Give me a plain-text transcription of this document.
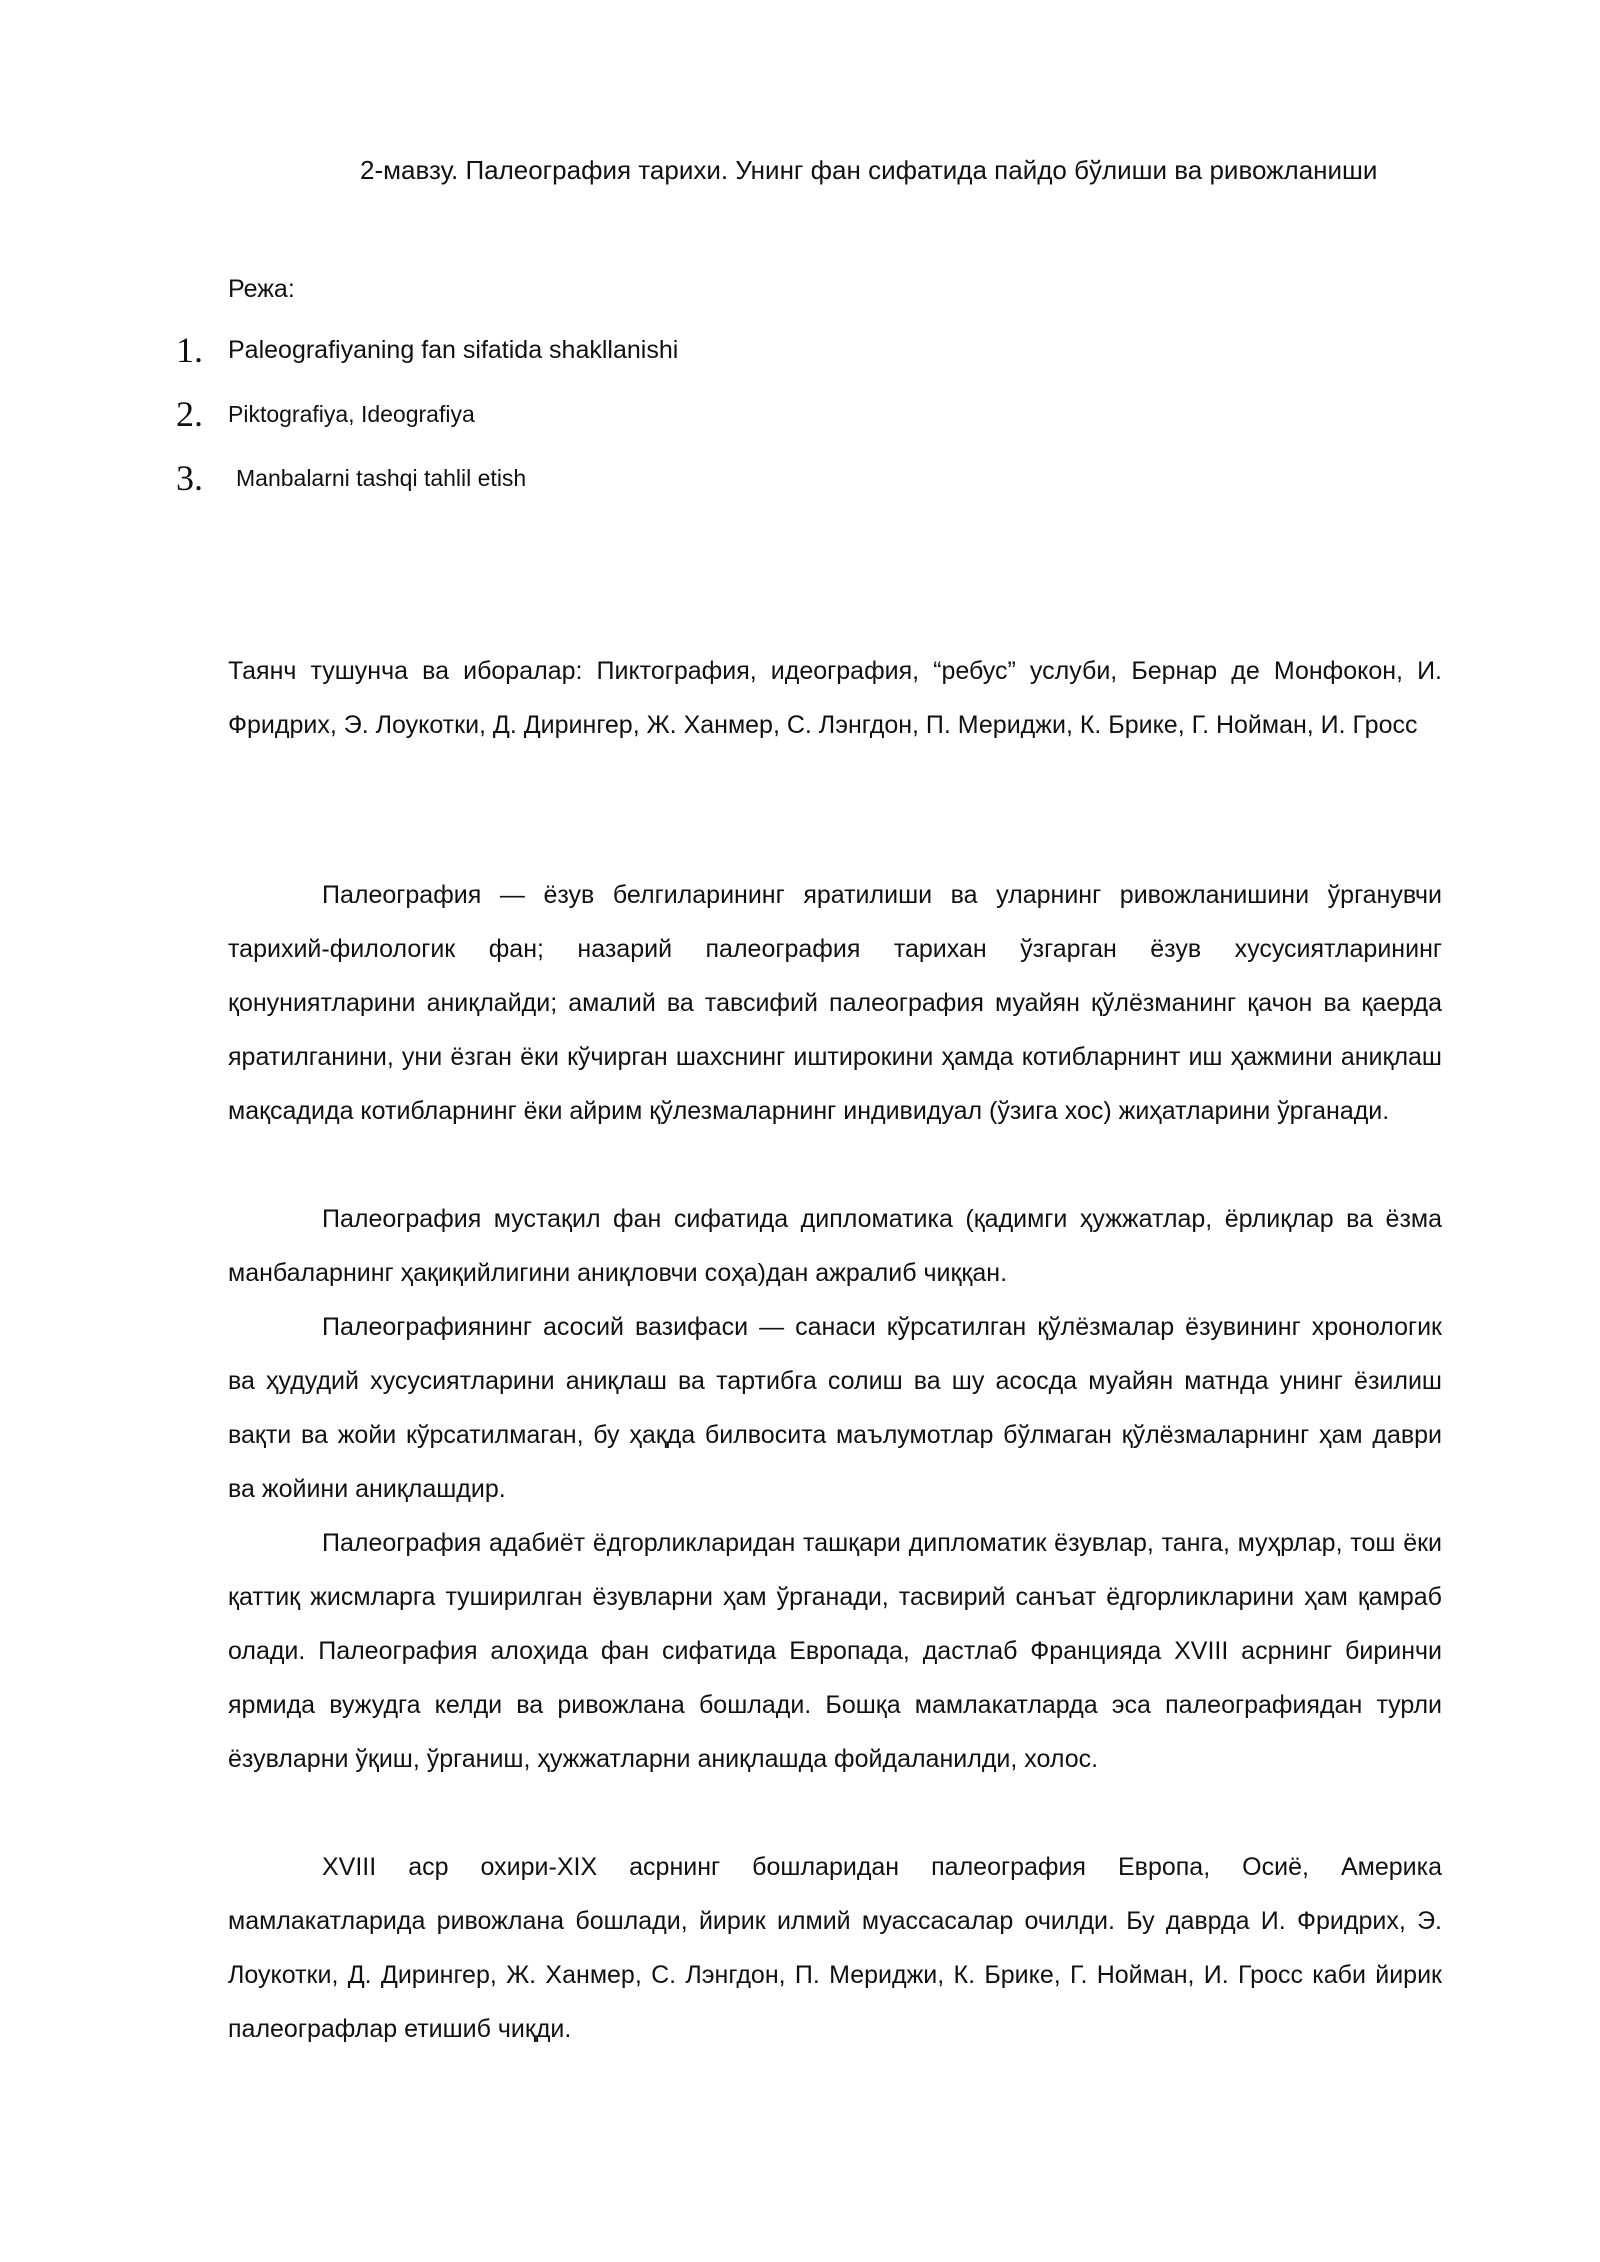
2-мавзу. Палеография тарихи. Унинг фан сифатида пайдо бўлиши ва ривожланиши
Режа:
1. Paleografiyaning fan sifatida shakllanishi
2. Piktografiya, Ideografiya
3. Manbalarni tashqi tahlil etish

Таянч тушунча ва иборалар: Пиктография, идеография, “ребус” услуби, Бернар де Монфокон, И. Фридрих, Э. Лоукотки, Д. Дирингер, Ж. Ханмер, С. Лэнгдон, П. Мериджи, К. Брике, Г. Нойман, И. Гросс

Палеография — ёзув белгиларининг яратилиши ва уларнинг ривожланишини ўрганувчи тарихий-филологик фан; назарий палеография тарихан ўзгарган ёзув хусусиятларининг қонуниятларини аниқлайди; амалий ва тавсифий палеография муайян қўлёзманинг қачон ва қаерда яратилганини, уни ёзган ёки кўчирган шахснинг иштирокини ҳамда котибларнинт иш ҳажмини аниқлаш мақсадида котибларнинг ёки айрим қўлезмаларнинг индивидуал (ўзига хос) жиҳатларини ўрганади.

Палеография мустақил фан сифатида дипломатика (қадимги ҳужжатлар, ёрлиқлар ва ёзма манбаларнинг ҳақиқийлигини аниқловчи соҳа)дан ажралиб чиққан.

Палеографиянинг асосий вазифаси — санаси кўрсатилган қўлёзмалар ёзувининг хронологик ва ҳудудий хусусиятларини аниқлаш ва тартибга солиш ва шу асосда муайян матнда унинг ёзилиш вақти ва жойи кўрсатилмаган, бу ҳақда билвосита маълумотлар бўлмаган қўлёзмаларнинг ҳам даври ва жойини аниқлашдир.

Палеография адабиёт ёдгорликларидан ташқари дипломатик ёзувлар, танга, муҳрлар, тош ёки қаттиқ жисмларга туширилган ёзувларни ҳам ўрганади, тасвирий санъат ёдгорликларини ҳам қамраб олади. Палеография алоҳида фан сифатида Европада, дастлаб Францияда XVIII асрнинг биринчи ярмида вужудга келди ва ривожлана бошлади. Бошқа мамлакатларда эса палеографиядан турли ёзувларни ўқиш, ўрганиш, ҳужжатларни аниқлашда фойдаланилди, холос.

XVIII аср охири-XIX асрнинг бошларидан палеография Европа, Осиё, Америка мамлакатларида ривожлана бошлади, йирик илмий муассасалар очилди. Бу даврда И. Фридрих, Э. Лоукотки, Д. Дирингер, Ж. Ханмер, С. Лэнгдон, П. Мериджи, К. Брике, Г. Нойман, И. Гросс каби йирик палеографлар етишиб чиқди.
